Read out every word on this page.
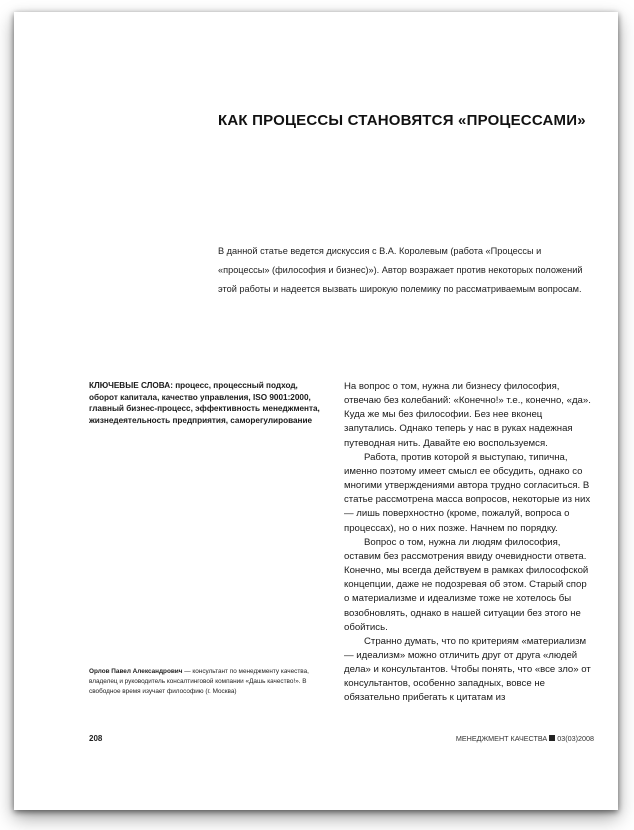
КАК ПРОЦЕССЫ СТАНОВЯТСЯ «ПРОЦЕССАМИ»

В данной статье ведется дискуссия с В.А. Королевым (работа «Процессы и «процессы» (философия и бизнес)»). Автор возражает против некоторых положений этой работы и надеется вызвать широкую полемику по рассматриваемым вопросам.

КЛЮЧЕВЫЕ СЛОВА: процесс, процессный подход, оборот капитала, качество управления, ISO 9001:2000, главный бизнес-процесс, эффективность менеджмента, жизнедеятельность предприятия, саморегулирование

Орлов Павел Александрович — консультант по менеджменту качества, владелец и руководитель консалтинговой компании «Дашь качество!». В свободное время изучает философию (г. Москва)

На вопрос о том, нужна ли бизнесу философия, отвечаю без колебаний: «Конечно!» т.е., конечно, «да». Куда же мы без философии. Без нее вконец запутались. Однако теперь у нас в руках надежная путеводная нить. Давайте ею воспользуемся.

Работа, против которой я выступаю, типична, именно поэтому имеет смысл ее обсудить, однако со многими утверждениями автора трудно согласиться. В статье рассмотрена масса вопросов, некоторые из них — лишь поверхностно (кроме, пожалуй, вопроса о процессах), но о них позже. Начнем по порядку.

Вопрос о том, нужна ли людям философия, оставим без рассмотрения ввиду очевидности ответа. Конечно, мы всегда действуем в рамках философской концепции, даже не подозревая об этом. Старый спор о материализме и идеализме тоже не хотелось бы возобновлять, однако в нашей ситуации без этого не обойтись.

Странно думать, что по критериям «материализм — идеализм» можно отличить друг от друга «людей дела» и консультантов. Чтобы понять, что «все зло» от консультантов, особенно западных, вовсе не обязательно прибегать к цитатам из

208	МЕНЕДЖМЕНТ КАЧЕСТВА 03(03)2008
